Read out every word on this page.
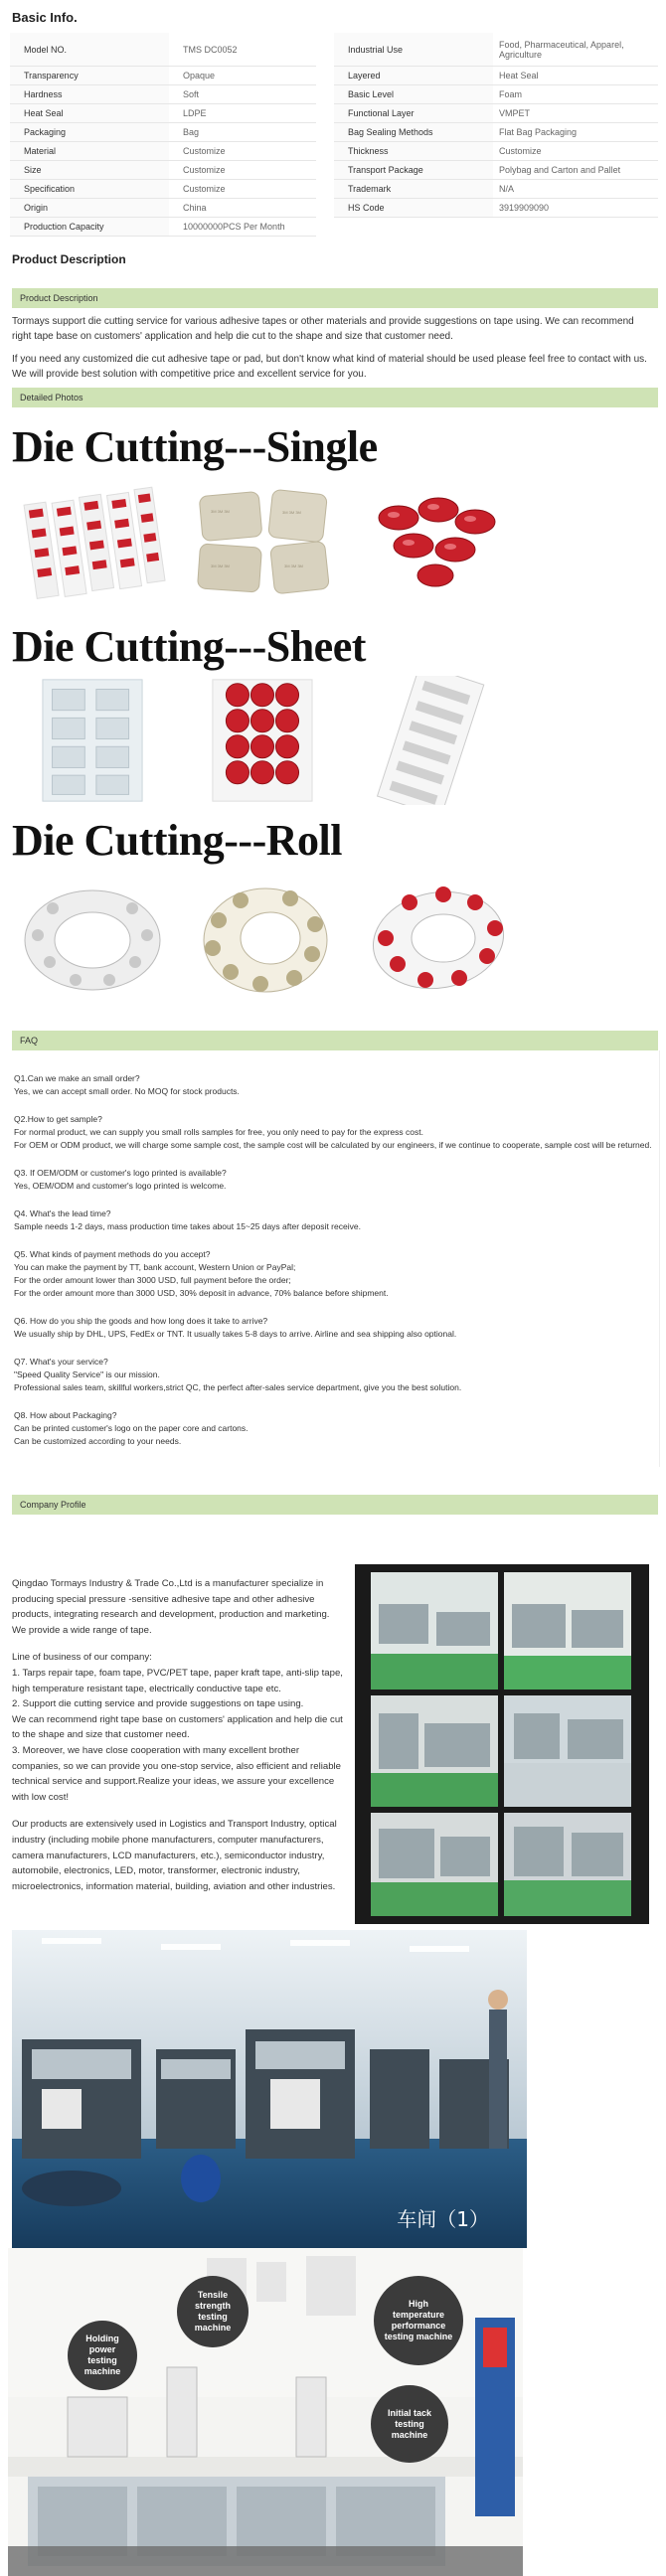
Basic Info.
Model NO.	TMS DC0052		Industrial Use	Food, Pharmaceutical, Apparel, Agriculture
Transparency	Opaque		Layered	Heat Seal
Hardness	Soft		Basic Level	Foam
Heat Seal	LDPE		Functional Layer	VMPET
Packaging	Bag		Bag Sealing Methods	Flat Bag Packaging
Material	Customize		Thickness	Customize
Size	Customize		Transport Package	Polybag and Carton and Pallet
Specification	Customize		Trademark	N/A
Origin	China		HS Code	3919909090
Production Capacity	10000000PCS Per Month			
Product Description
Product Description

Tormays support die cutting service for various adhesive tapes or other materials and provide suggestions on tape using. We can recommend right tape base on customers' application and help die cut to the shape and size that customer need.

If you need any customized die cut adhesive tape or pad, but don't know what kind of material should be used please feel free to contact with us. We will provide best solution with competitive price and excellent service for you.

Detailed Photos
Die Cutting---Single
3M 3M 3M	3M 3M 3M
3M 3M 3M	3M 3M 3M
Die Cutting---Sheet
Die Cutting---Roll
FAQ

Q1.Can we make an small order?
Yes, we can accept small order. No MOQ for stock products.

Q2.How to get sample?
For normal product, we can supply you small rolls samples for free, you only need to pay for the express cost.
For OEM or ODM product, we will charge some sample cost, the sample cost will be calculated by our engineers, if we continue to cooperate, sample cost will be returned.

Q3. If OEM/ODM or customer's logo printed is available?
Yes, OEM/ODM and customer's logo printed is welcome.

Q4. What's the lead time?
Sample needs 1-2 days, mass production time takes about 15~25 days after deposit receive.

Q5. What kinds of payment methods do you accept?
You can make the payment by TT, bank account, Western Union or PayPal;
For the order amount lower than 3000 USD, full payment before the order;
For the order amount more than 3000 USD, 30% deposit in advance, 70% balance before shipment.

Q6. How do you ship the goods and how long does it take to arrive?
We usually ship by DHL, UPS, FedEx or TNT. It usually takes 5-8 days to arrive. Airline and sea shipping also optional.

Q7. What's your service?
"Speed Quality Service" is our mission.
Professional sales team, skillful workers,strict QC, the perfect after-sales service department, give you the best solution.

Q8. How about Packaging?
Can be printed customer's logo on the paper core and cartons.
Can be customized according to your needs.

Company Profile

Qingdao Tormays Industry & Trade Co.,Ltd is a manufacturer specialize in producing special pressure -sensitive adhesive tape and other adhesive products, integrating research and development, production and marketing. We provide a wide range of tape.

Line of business of our company:
1. Tarps repair tape, foam tape, PVC/PET tape, paper kraft tape, anti-slip tape, high temperature resistant tape, electrically conductive tape etc.
2. Support die cutting service and provide suggestions on tape using.
We can recommend right tape base on customers' application and help die cut to the shape and size that customer need.
3. Moreover, we have close cooperation with many excellent brother companies, so we can provide you one-stop service, also efficient and reliable technical service and support.Realize your ideas, we assure your excellence with low cost!

Our products are extensively used in Logistics and Transport Industry, optical industry (including mobile phone manufacturers, computer manufacturers, camera manufacturers, LCD manufacturers, etc.), semiconductor industry, automobile, electronics, LED, motor, transformer, electronic industry, microelectronics, information material, building, aviation and other industries.

车间（1）
Holding power testing machine
Tensile strength testing machine
High temperature performance testing machine
Initial tack testing machine
